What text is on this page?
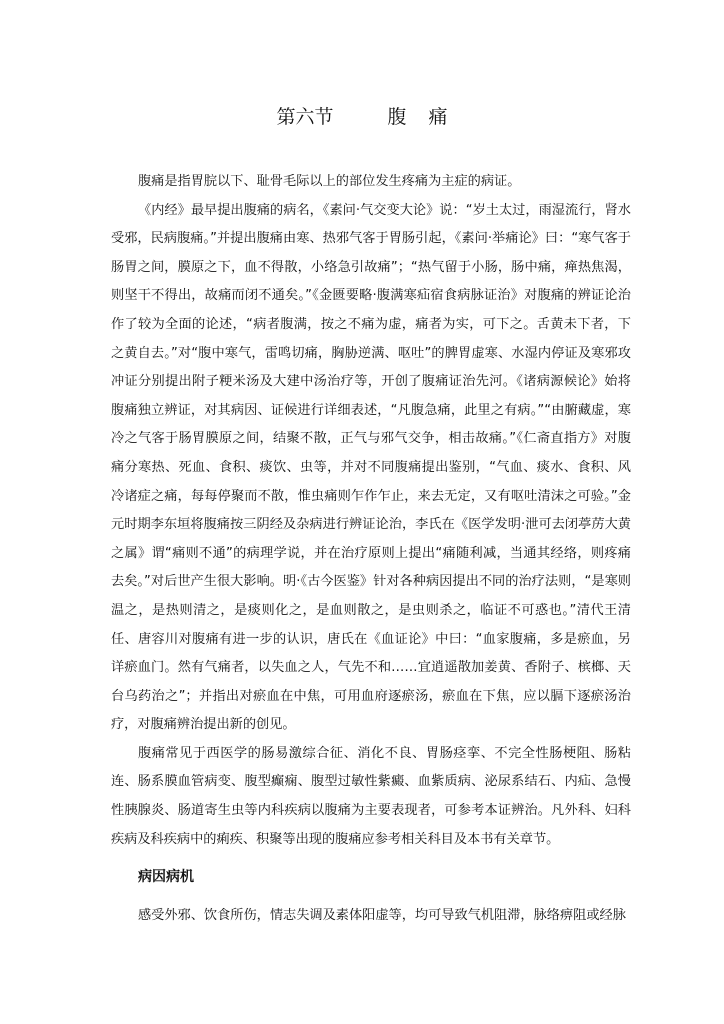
第六节	腹 痛

腹痛是指胃脘以下、耻骨毛际以上的部位发生疼痛为主症的病证。

《内经》最早提出腹痛的病名，《素问·气交变大论》说：“岁土太过，雨湿流行，肾水受邪，民病腹痛。”并提出腹痛由寒、热邪气客于胃肠引起，《素问·举痛论》曰：“寒气客于肠胃之间，膜原之下，血不得散，小络急引故痛”；“热气留于小肠，肠中痛，瘅热焦渴，则坚干不得出，故痛而闭不通矣。”《金匮要略·腹满寒疝宿食病脉证治》对腹痛的辨证论治作了较为全面的论述，“病者腹满，按之不痛为虚，痛者为实，可下之。舌黄未下者，下之黄自去。”对“腹中寒气，雷鸣切痛，胸胁逆满、呕吐”的脾胃虚寒、水湿内停证及寒邪攻冲证分别提出附子粳米汤及大建中汤治疗等，开创了腹痛证治先河。《诸病源候论》始将腹痛独立辨证，对其病因、证候进行详细表述，“凡腹急痛，此里之有病。”“由腑藏虚，寒冷之气客于肠胃膜原之间，结聚不散，正气与邪气交争，相击故痛。”《仁斋直指方》对腹痛分寒热、死血、食积、痰饮、虫等，并对不同腹痛提出鉴别，“气血、痰水、食积、风冷诸症之痛，每每停聚而不散，惟虫痛则乍作乍止，来去无定，又有呕吐清沫之可验。”金元时期李东垣将腹痛按三阴经及杂病进行辨证论治，李氏在《医学发明·泄可去闭葶苈大黄之属》谓“痛则不通”的病理学说，并在治疗原则上提出“痛随利减，当通其经络，则疼痛去矣。”对后世产生很大影响。明·《古今医鉴》针对各种病因提出不同的治疗法则，“是寒则温之，是热则清之，是痰则化之，是血则散之，是虫则杀之，临证不可惑也。”清代王清任、唐容川对腹痛有进一步的认识，唐氏在《血证论》中曰：“血家腹痛，多是瘀血，另详瘀血门。然有气痛者，以失血之人，气先不和……宜逍遥散加姜黄、香附子、槟榔、天台乌药治之”；并指出对瘀血在中焦，可用血府逐瘀汤，瘀血在下焦，应以膈下逐瘀汤治疗，对腹痛辨治提出新的创见。

腹痛常见于西医学的肠易激综合征、消化不良、胃肠痉挛、不完全性肠梗阻、肠粘连、肠系膜血管病变、腹型癫痫、腹型过敏性紫癜、血紫质病、泌尿系结石、内疝、急慢性胰腺炎、肠道寄生虫等内科疾病以腹痛为主要表现者，可参考本证辨治。凡外科、妇科疾病及科疾病中的痢疾、积聚等出现的腹痛应参考相关科目及本书有关章节。

病因病机

感受外邪、饮食所伤，情志失调及素体阳虚等，均可导致气机阻滞，脉络痹阻或经脉
